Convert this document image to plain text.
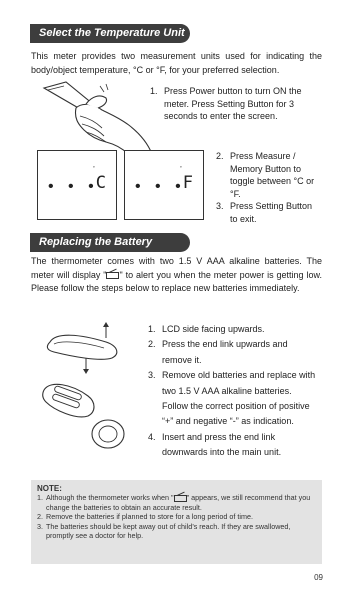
Select the Temperature Unit
This meter provides two measurement units used for indicating the body/object temperature, °C or °F, for your preferred selection.
1. Press Power button to turn ON the meter. Press Setting Button for 3 seconds to enter the screen.
• • •
C
˚
• • •
F
˚
2. Press Measure / Memory Button to toggle between °C or °F.
3. Press Setting Button to exit.
Replacing the Battery
The thermometer comes with two 1.5 V AAA alkaline batteries. The meter will display " " to alert you when the meter power is getting low. Please follow the steps below to replace new batteries immediately.
1. LCD side facing upwards.
2. Press the end link upwards and remove it.
3. Remove old batteries and replace with two 1.5 V AAA alkaline batteries. Follow the correct position of positive “+” and negative “-” as indication.
4. Insert and press the end link downwards into the main unit.
NOTE:
1. Although the thermometer works when " " appears, we still recommend that you change the batteries to obtain an accurate result.
2. Remove the batteries if planned to store for a long period of time.
3. The batteries should be kept away out of child’s reach. If they are swallowed, promptly see a doctor for help.
09
